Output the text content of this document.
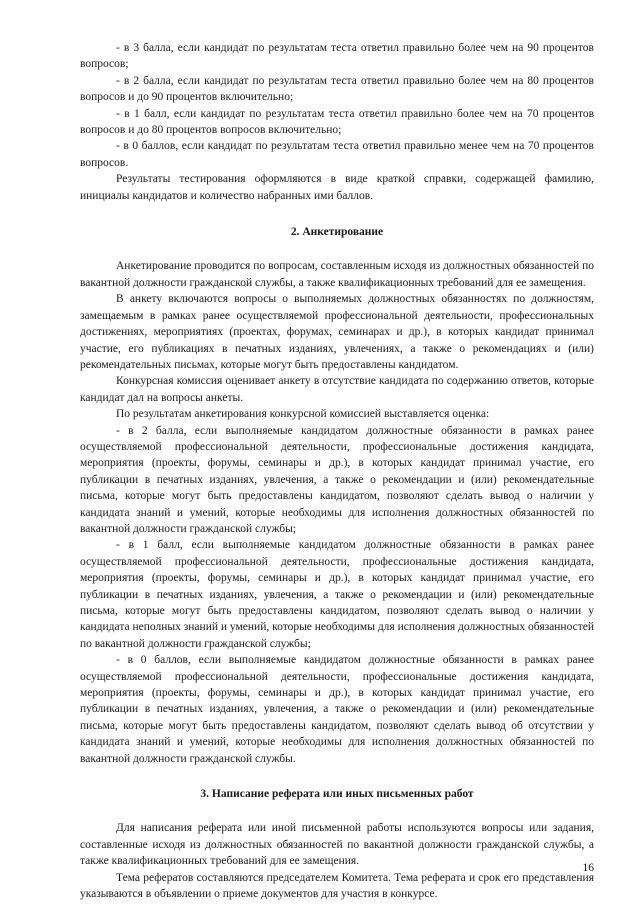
- в 3 балла, если кандидат по результатам теста ответил правильно более чем на 90 процентов вопросов;

- в 2 балла, если кандидат по результатам теста ответил правильно более чем на 80 процентов вопросов и до 90 процентов включительно;

- в 1 балл, если кандидат по результатам теста ответил правильно более чем на 70 процентов вопросов и до 80 процентов вопросов включительно;

- в 0 баллов, если кандидат по результатам теста ответил правильно менее чем на 70 процентов вопросов.

Результаты тестирования оформляются в виде краткой справки, содержащей фамилию, инициалы кандидатов и количество набранных ими баллов.

2. Анкетирование

Анкетирование проводится по вопросам, составленным исходя из должностных обязанностей по вакантной должности гражданской службы, а также квалификационных требований для ее замещения.

В анкету включаются вопросы о выполняемых должностных обязанностях по должностям, замещаемым в рамках ранее осуществляемой профессиональной деятельности, профессиональных достижениях, мероприятиях (проектах, форумах, семинарах и др.), в которых кандидат принимал участие, его публикациях в печатных изданиях, увлечениях, а также о рекомендациях и (или) рекомендательных письмах, которые могут быть предоставлены кандидатом.

Конкурсная комиссия оценивает анкету в отсутствие кандидата по содержанию ответов, которые кандидат дал на вопросы анкеты.

По результатам анкетирования конкурсной комиссией выставляется оценка:

- в 2 балла, если выполняемые кандидатом должностные обязанности в рамках ранее осуществляемой профессиональной деятельности, профессиональные достижения кандидата, мероприятия (проекты, форумы, семинары и др.), в которых кандидат принимал участие, его публикации в печатных изданиях, увлечения, а также о рекомендации и (или) рекомендательные письма, которые могут быть предоставлены кандидатом, позволяют сделать вывод о наличии у кандидата знаний и умений, которые необходимы для исполнения должностных обязанностей по вакантной должности гражданской службы;

- в 1 балл, если выполняемые кандидатом должностные обязанности в рамках ранее осуществляемой профессиональной деятельности, профессиональные достижения кандидата, мероприятия (проекты, форумы, семинары и др.), в которых кандидат принимал участие, его публикации в печатных изданиях, увлечения, а также о рекомендации и (или) рекомендательные письма, которые могут быть предоставлены кандидатом, позволяют сделать вывод о наличии у кандидата неполных знаний и умений, которые необходимы для исполнения должностных обязанностей по вакантной должности гражданской службы;

- в 0 баллов, если выполняемые кандидатом должностные обязанности в рамках ранее осуществляемой профессиональной деятельности, профессиональные достижения кандидата, мероприятия (проекты, форумы, семинары и др.), в которых кандидат принимал участие, его публикации в печатных изданиях, увлечения, а также о рекомендации и (или) рекомендательные письма, которые могут быть предоставлены кандидатом, позволяют сделать вывод об отсутствии у кандидата знаний и умений, которые необходимы для исполнения должностных обязанностей по вакантной должности гражданской службы.

3. Написание реферата или иных письменных работ

Для написания реферата или иной письменной работы используются вопросы или задания, составленные исходя из должностных обязанностей по вакантной должности гражданской службы, а также квалификационных требований для ее замещения.

Тема рефератов составляются председателем Комитета. Тема реферата и срок его представления указываются в объявлении о приеме документов для участия в конкурсе.

16
